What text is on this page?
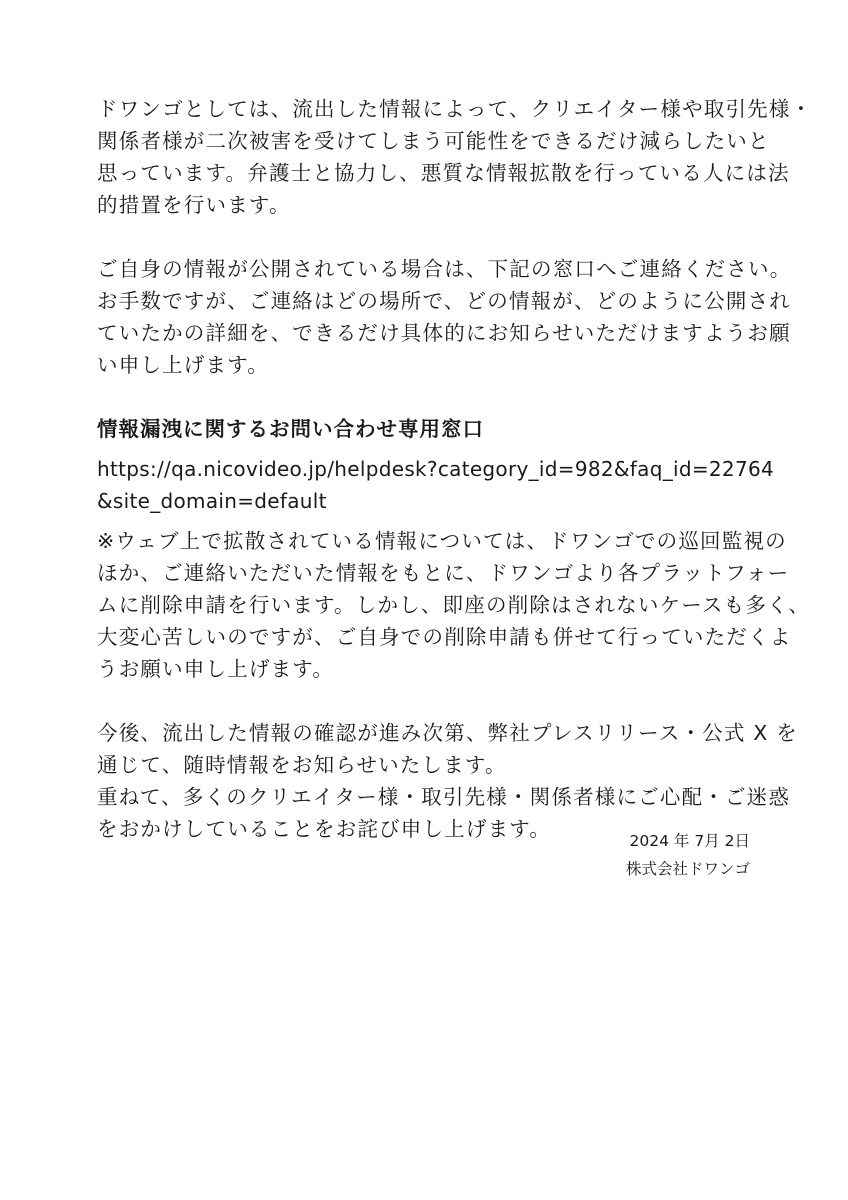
ドワンゴとしては、流出した情報によって、クリエイター様や取引先様・
関係者様が二次被害を受けてしまう可能性をできるだけ減らしたいと
思っています。弁護士と協力し、悪質な情報拡散を行っている人には法
的措置を行います。

ご自身の情報が公開されている場合は、下記の窓口へご連絡ください。
お手数ですが、ご連絡はどの場所で、どの情報が、どのように公開され
ていたかの詳細を、できるだけ具体的にお知らせいただけますようお願
い申し上げます。

情報漏洩に関するお問い合わせ専用窓口

https://qa.nicovideo.jp/helpdesk?category_id=982&faq_id=22764
&site_domain=default

※ウェブ上で拡散されている情報については、ドワンゴでの巡回監視の
ほか、ご連絡いただいた情報をもとに、ドワンゴより各プラットフォー
ムに削除申請を行います。しかし、即座の削除はされないケースも多く、
大変心苦しいのですが、ご自身での削除申請も併せて行っていただくよ
うお願い申し上げます。

今後、流出した情報の確認が進み次第、弊社プレスリリース・公式 X を
通じて、随時情報をお知らせいたします。
重ねて、多くのクリエイター様・取引先様・関係者様にご心配・ご迷惑
をおかけしていることをお詫び申し上げます。	2024 年 7月 2日
株式会社ドワンゴ
